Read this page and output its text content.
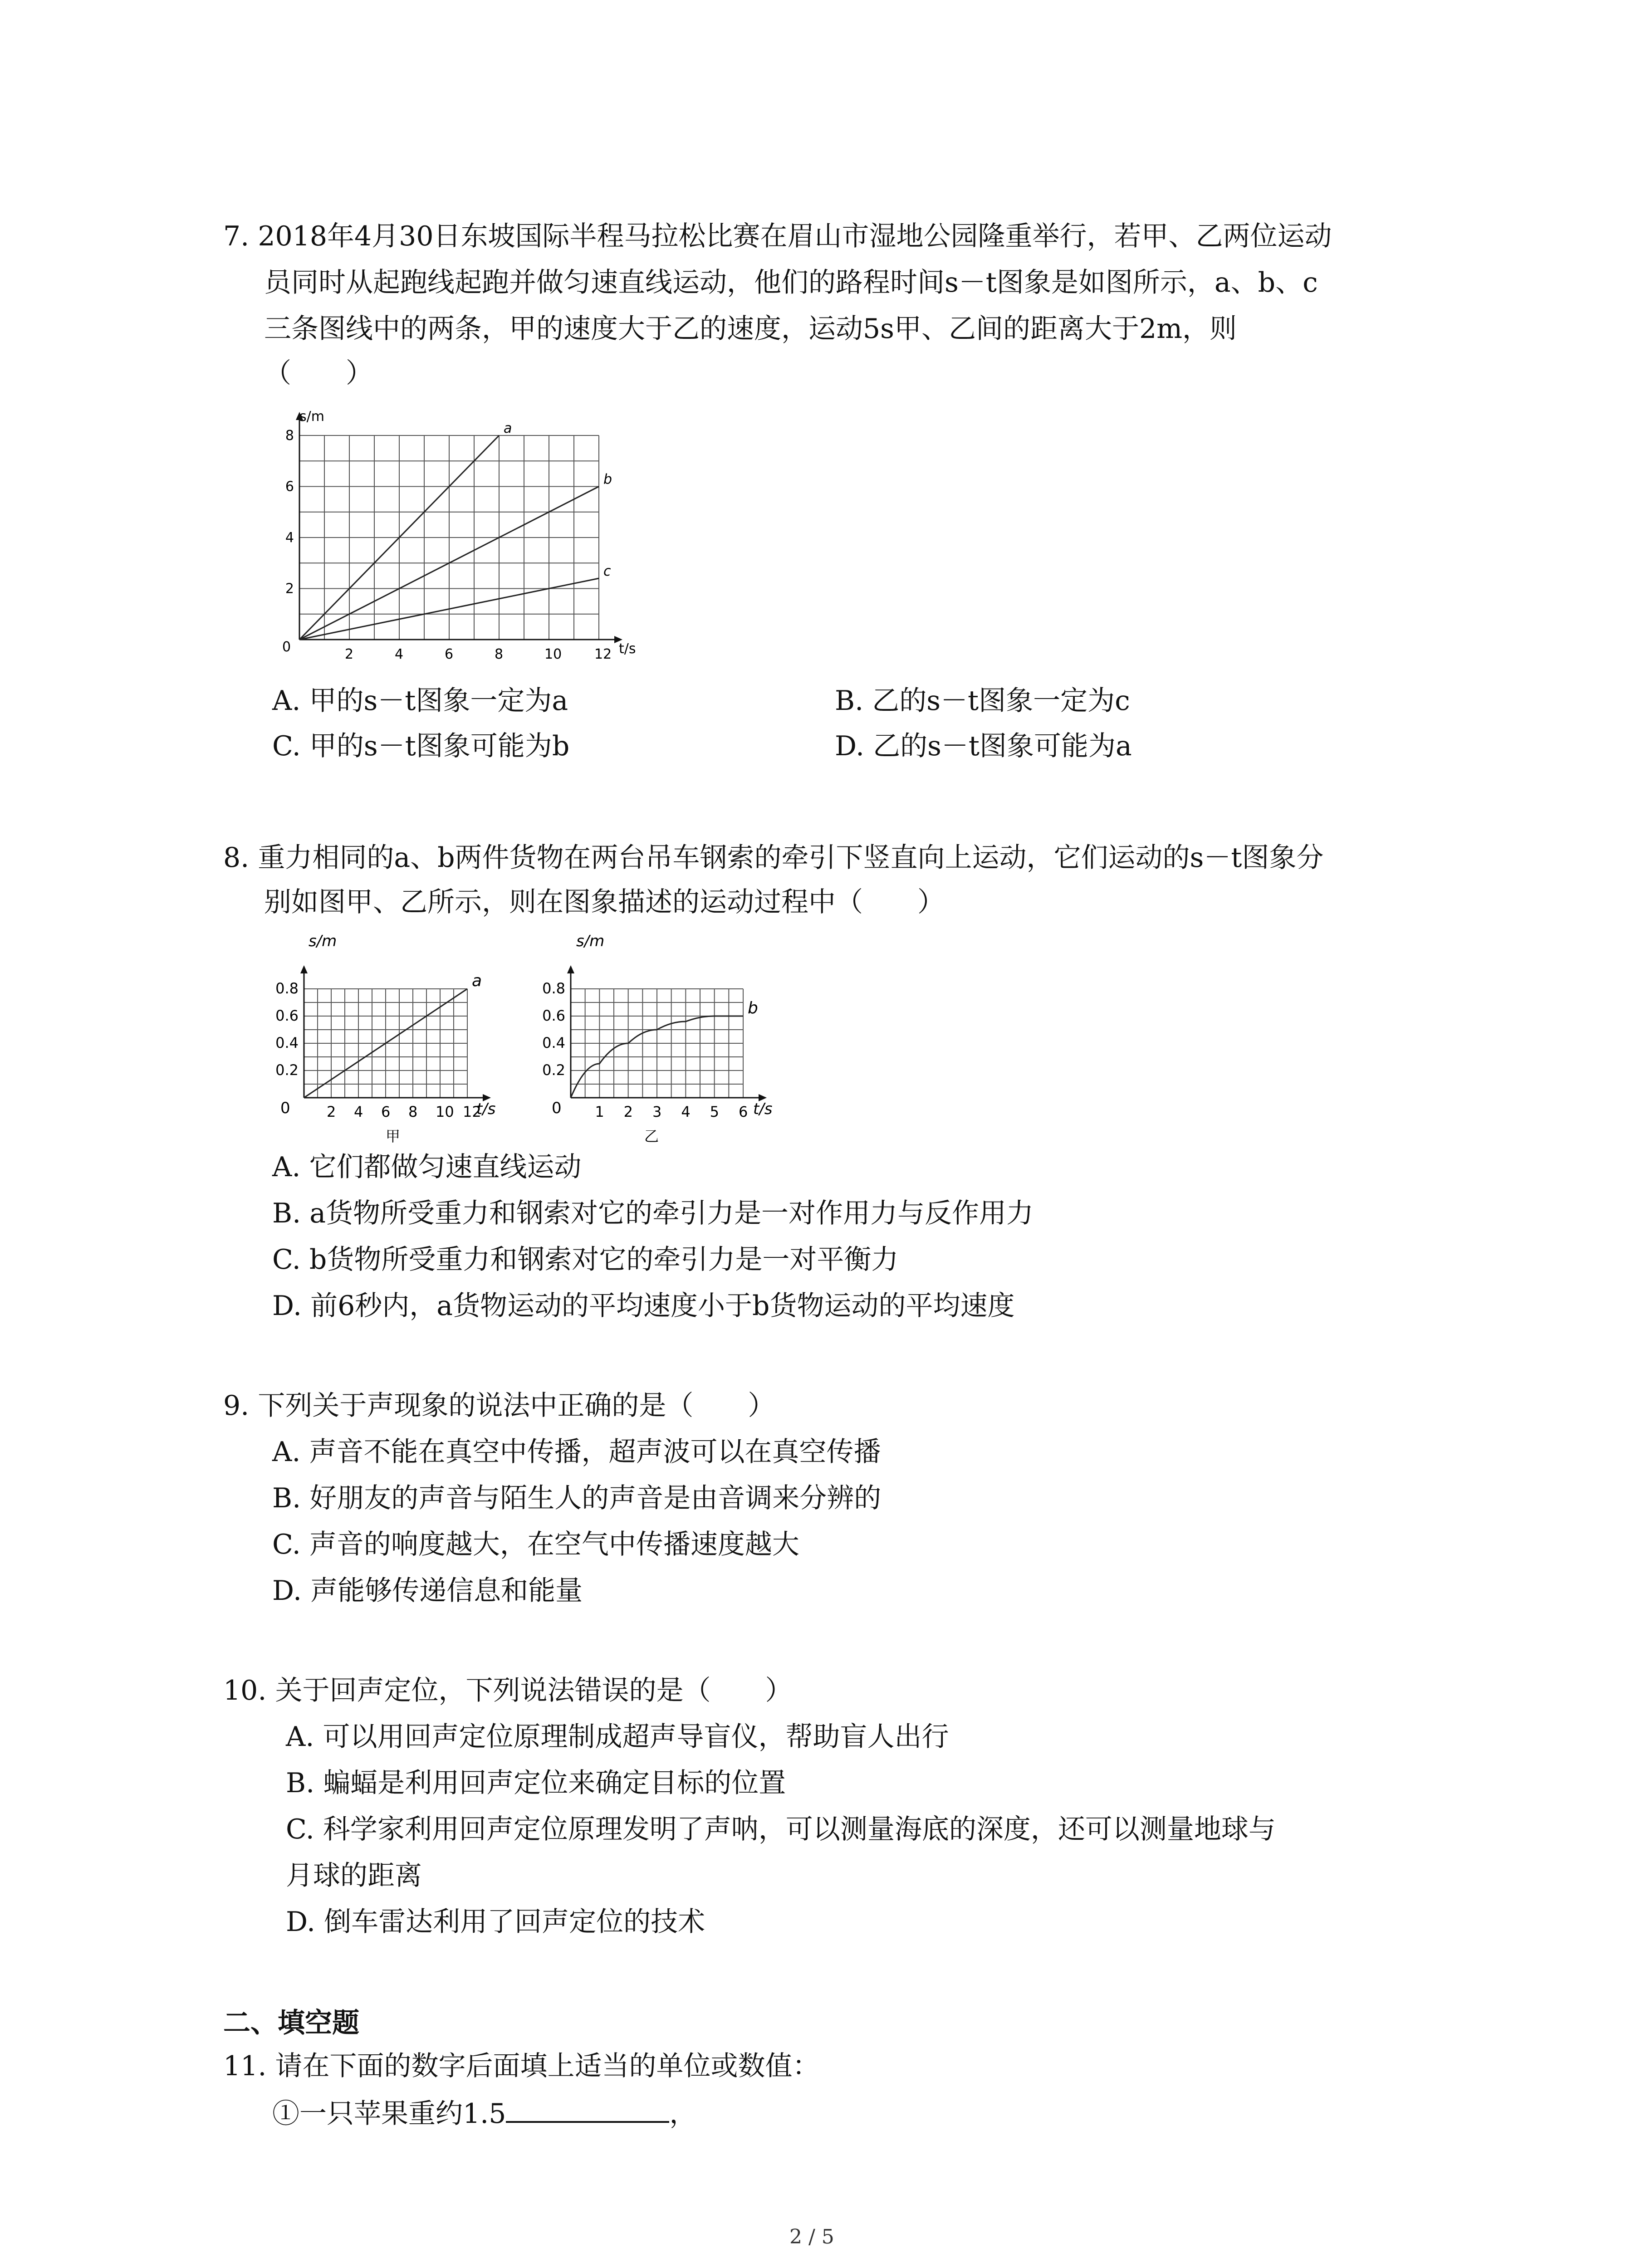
7. 2018年4月30日东坡国际半程马拉松比赛在眉山市湿地公园隆重举行，若甲、乙两位运动
员同时从起跑线起跑并做匀速直线运动，他们的路程时间s－t图象是如图所示，a、b、c
三条图线中的两条，甲的速度大于乙的速度，运动5s甲、乙间的距离大于2m，则
（　　）
s/m
t/s
0	2	4	6	8	10 12
2
4
6
8	a
b
c
A. 甲的s－t图象一定为a	B. 乙的s－t图象一定为c
C. 甲的s－t图象可能为b	D. 乙的s－t图象可能为a
8. 重力相同的a、b两件货物在两台吊车钢索的牵引下竖直向上运动，它们运动的s－t图象分
别如图甲、乙所示，则在图象描述的运动过程中（　　）
s/m
t/s
0	2 4 6 8 10 12
0.2
0.4
0.6
0.8	a
甲
s/m
t/s
0 1 2 3 4 5 6
0.2
0.4
0.6
0.8
b
乙
A. 它们都做匀速直线运动
B. a货物所受重力和钢索对它的牵引力是一对作用力与反作用力
C. b货物所受重力和钢索对它的牵引力是一对平衡力
D. 前6秒内，a货物运动的平均速度小于b货物运动的平均速度
9. 下列关于声现象的说法中正确的是（　　）
A. 声音不能在真空中传播，超声波可以在真空传播
B. 好朋友的声音与陌生人的声音是由音调来分辨的
C. 声音的响度越大，在空气中传播速度越大
D. 声能够传递信息和能量
10. 关于回声定位，下列说法错误的是（　　）
A. 可以用回声定位原理制成超声导盲仪，帮助盲人出行
B. 蝙蝠是利用回声定位来确定目标的位置
C. 科学家利用回声定位原理发明了声呐，可以测量海底的深度，还可以测量地球与
月球的距离
D. 倒车雷达利用了回声定位的技术
二、填空题
11. 请在下面的数字后面填上适当的单位或数值：
①一只苹果重约1.5	，
2 / 5
